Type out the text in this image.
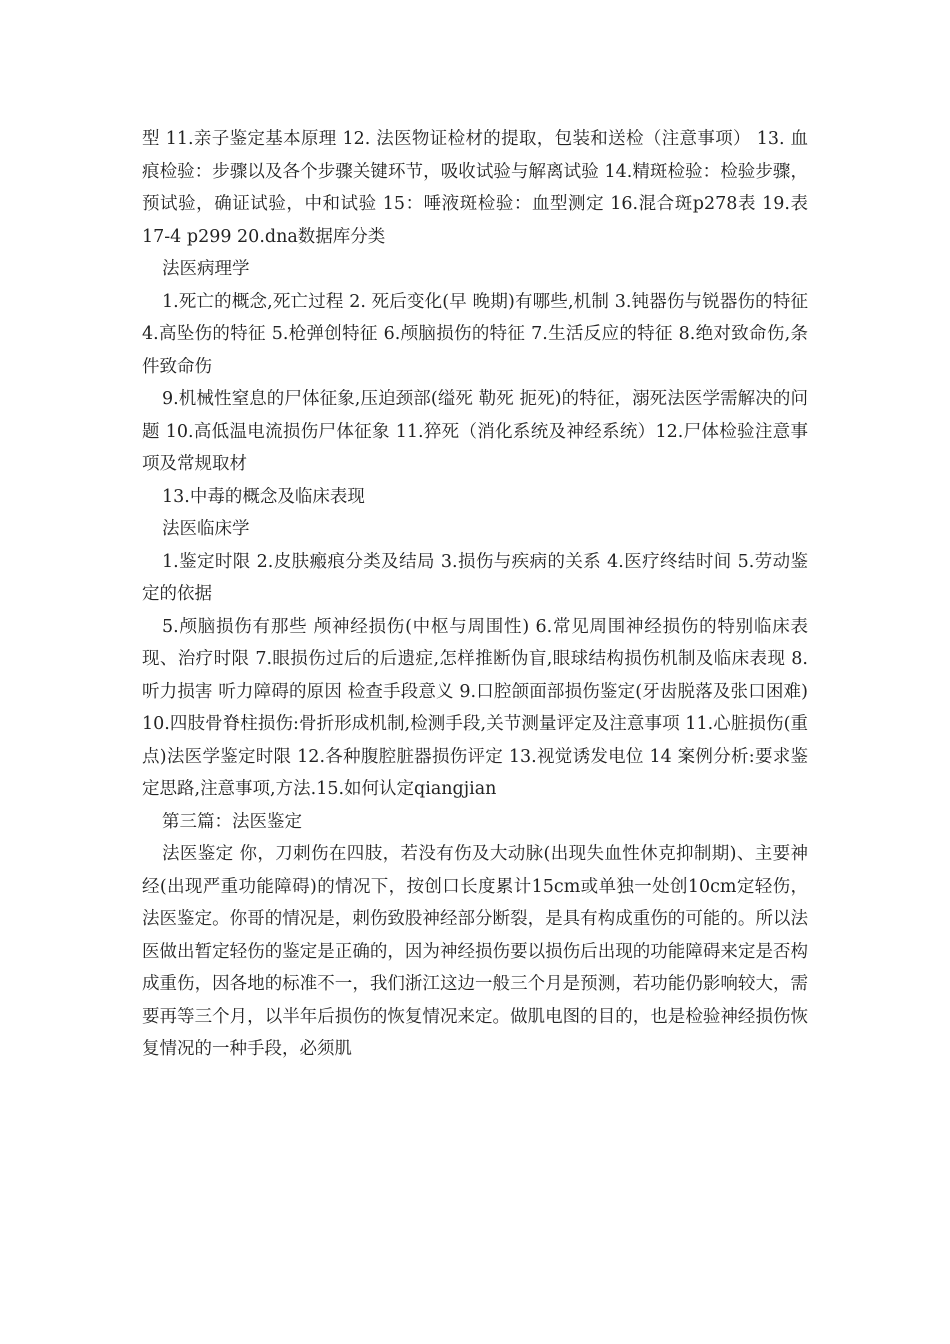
型 11.亲子鉴定基本原理 12. 法医物证检材的提取，包装和送检（注意事项） 13. 血痕检验：步骤以及各个步骤关键环节，吸收试验与解离试验 14.精斑检验：检验步骤，预试验，确证试验，中和试验 15：唾液斑检验：血型测定 16.混合斑p278表 19.表17-4 p299 20.dna数据库分类

法医病理学

1.死亡的概念,死亡过程 2. 死后变化(早 晚期)有哪些,机制 3.钝器伤与锐器伤的特征 4.高坠伤的特征 5.枪弹创特征 6.颅脑损伤的特征 7.生活反应的特征 8.绝对致命伤,条件致命伤

9.机械性窒息的尸体征象,压迫颈部(缢死 勒死 扼死)的特征，溺死法医学需解决的问题 10.高低温电流损伤尸体征象 11.猝死（消化系统及神经系统）12.尸体检验注意事项及常规取材

13.中毒的概念及临床表现

法医临床学

1.鉴定时限 2.皮肤瘢痕分类及结局 3.损伤与疾病的关系 4.医疗终结时间 5.劳动鉴定的依据

5.颅脑损伤有那些 颅神经损伤(中枢与周围性) 6.常见周围神经损伤的特别临床表现、治疗时限 7.眼损伤过后的后遗症,怎样推断伪盲,眼球结构损伤机制及临床表现 8.听力损害 听力障碍的原因 检查手段意义 9.口腔颌面部损伤鉴定(牙齿脱落及张口困难) 10.四肢骨脊柱损伤:骨折形成机制,检测手段,关节测量评定及注意事项 11.心脏损伤(重点)法医学鉴定时限 12.各种腹腔脏器损伤评定 13.视觉诱发电位 14 案例分析:要求鉴定思路,注意事项,方法.15.如何认定qiangjian

第三篇：法医鉴定

法医鉴定 你，刀刺伤在四肢，若没有伤及大动脉(出现失血性休克抑制期)、主要神经(出现严重功能障碍)的情况下，按创口长度累计15cm或单独一处创10cm定轻伤，法医鉴定。你哥的情况是，刺伤致股神经部分断裂，是具有构成重伤的可能的。所以法医做出暂定轻伤的鉴定是正确的，因为神经损伤要以损伤后出现的功能障碍来定是否构成重伤，因各地的标准不一，我们浙江这边一般三个月是预测，若功能仍影响较大，需要再等三个月，以半年后损伤的恢复情况来定。做肌电图的目的，也是检验神经损伤恢复情况的一种手段，必须肌
